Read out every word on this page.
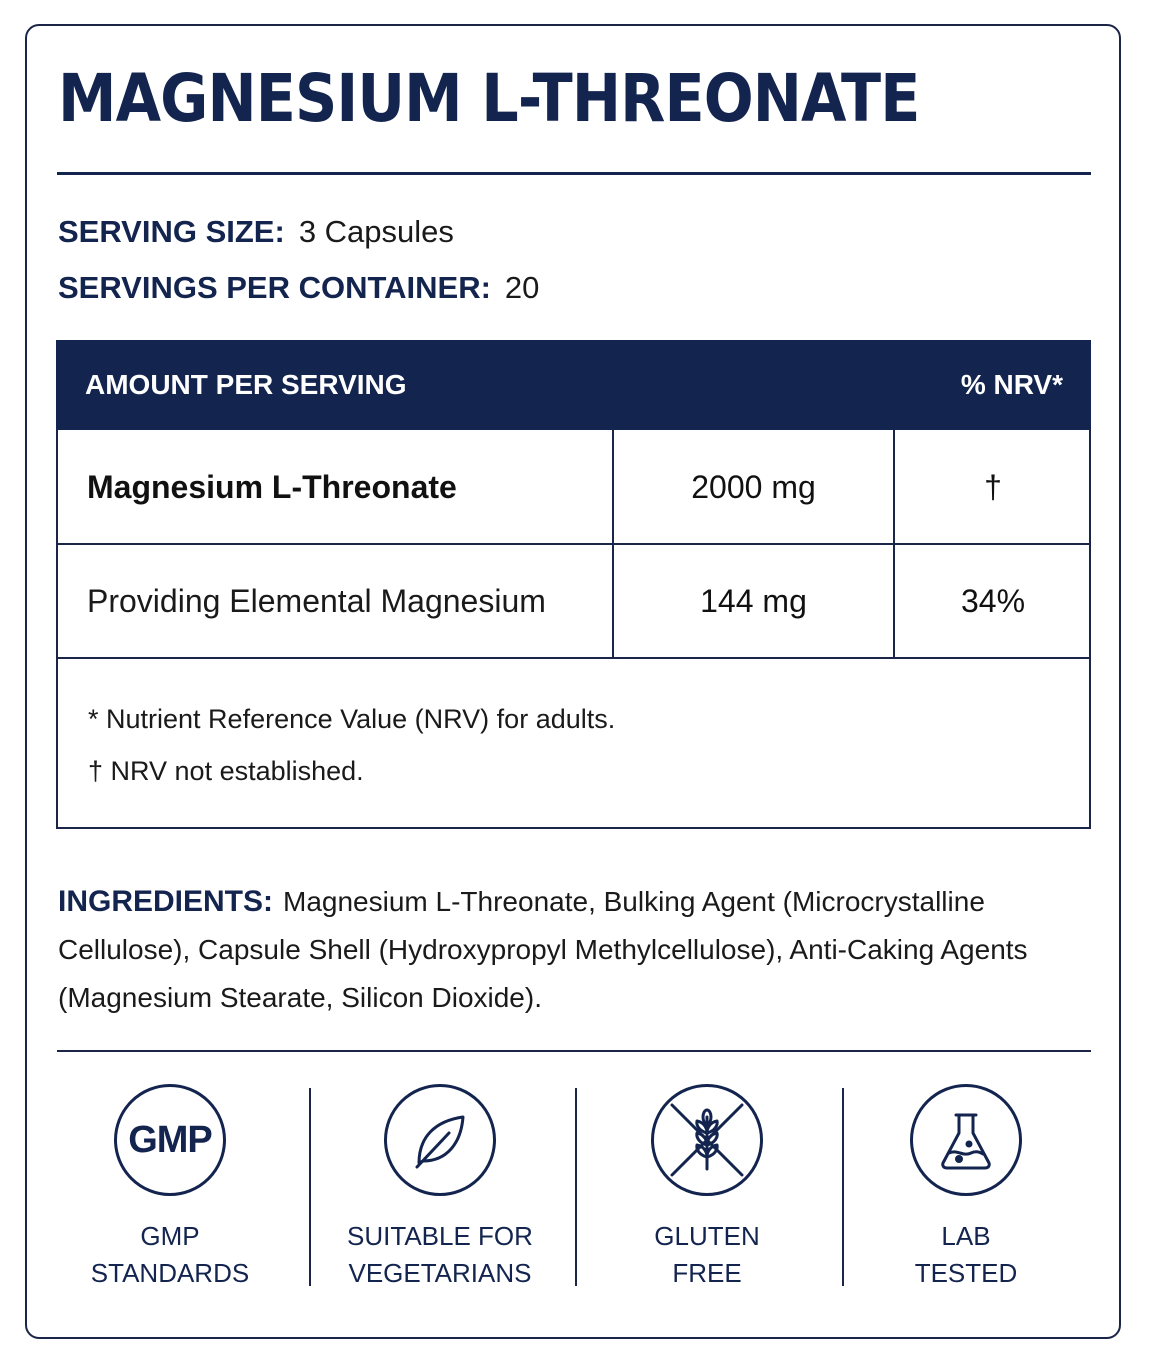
MAGNESIUM L-THREONATE
SERVING SIZE: 3 Capsules
SERVINGS PER CONTAINER: 20
AMOUNT PER SERVING	% NRV*
Magnesium L-Threonate	2000 mg	†
Providing Elemental Magnesium	144 mg	34%
* Nutrient Reference Value (NRV) for adults.
† NRV not established.
INGREDIENTS: Magnesium L-Threonate, Bulking Agent (Microcrystalline Cellulose), Capsule Shell (Hydroxypropyl Methylcellulose), Anti-Caking Agents (Magnesium Stearate, Silicon Dioxide).
GMP
GMP
STANDARDS
SUITABLE FOR
VEGETARIANS
GLUTEN
FREE
LAB
TESTED
